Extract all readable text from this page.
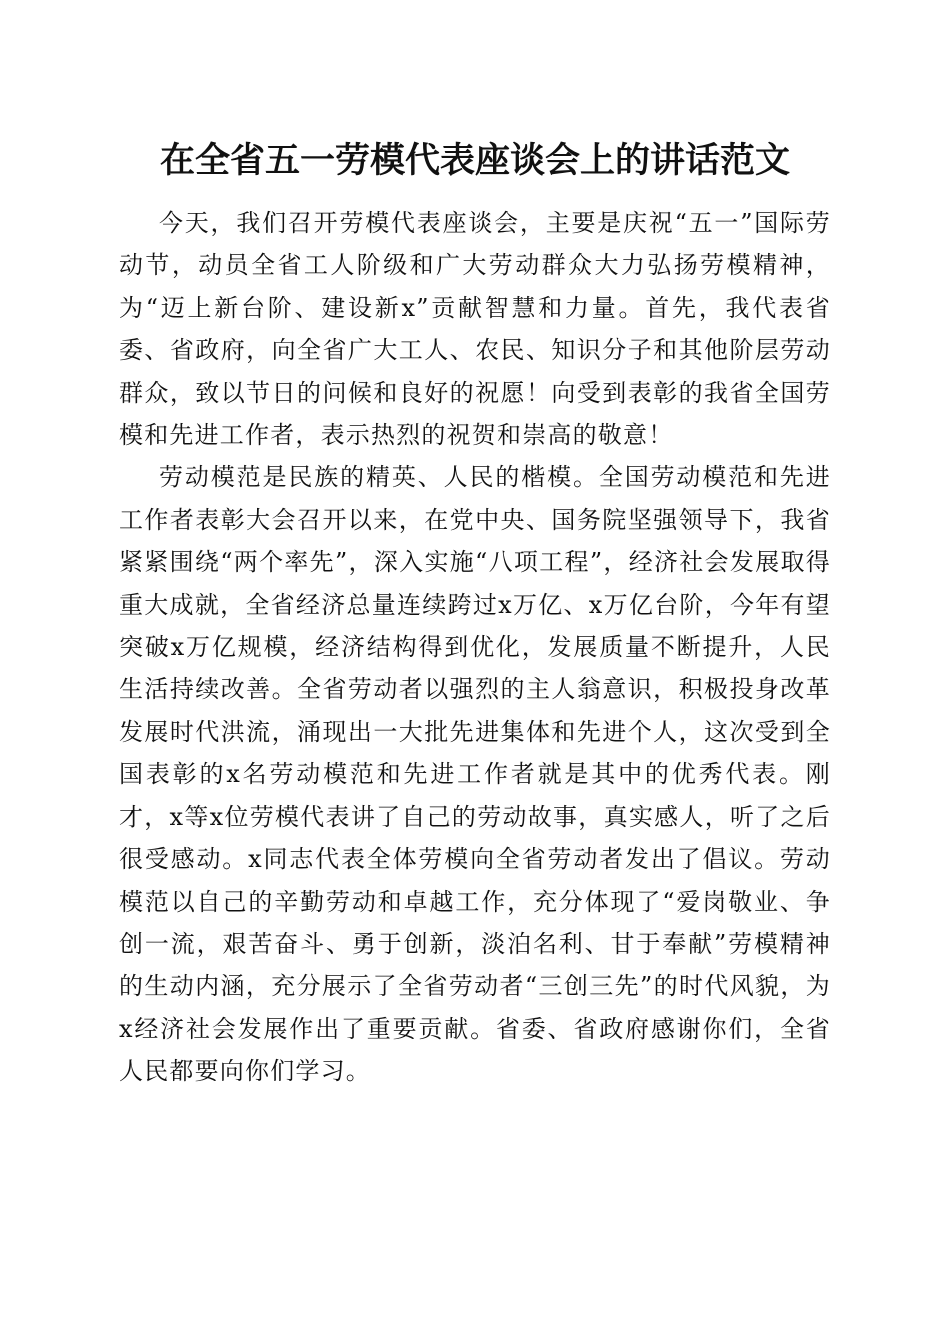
在全省五一劳模代表座谈会上的讲话范文

今天，我们召开劳模代表座谈会，主要是庆祝“五一”国际劳动节，动员全省工人阶级和广大劳动群众大力弘扬劳模精神，为“迈上新台阶、建设新x”贡献智慧和力量。首先，我代表省委、省政府，向全省广大工人、农民、知识分子和其他阶层劳动群众，致以节日的问候和良好的祝愿！向受到表彰的我省全国劳模和先进工作者，表示热烈的祝贺和崇高的敬意！

劳动模范是民族的精英、人民的楷模。全国劳动模范和先进工作者表彰大会召开以来，在党中央、国务院坚强领导下，我省紧紧围绕“两个率先”，深入实施“八项工程”，经济社会发展取得重大成就，全省经济总量连续跨过x万亿、x万亿台阶，今年有望突破x万亿规模，经济结构得到优化，发展质量不断提升，人民生活持续改善。全省劳动者以强烈的主人翁意识，积极投身改革发展时代洪流，涌现出一大批先进集体和先进个人，这次受到全国表彰的x名劳动模范和先进工作者就是其中的优秀代表。刚才，x等x位劳模代表讲了自己的劳动故事，真实感人，听了之后很受感动。x同志代表全体劳模向全省劳动者发出了倡议。劳动模范以自己的辛勤劳动和卓越工作，充分体现了“爱岗敬业、争创一流，艰苦奋斗、勇于创新，淡泊名利、甘于奉献”劳模精神的生动内涵，充分展示了全省劳动者“三创三先”的时代风貌，为x经济社会发展作出了重要贡献。省委、省政府感谢你们，全省人民都要向你们学习。
